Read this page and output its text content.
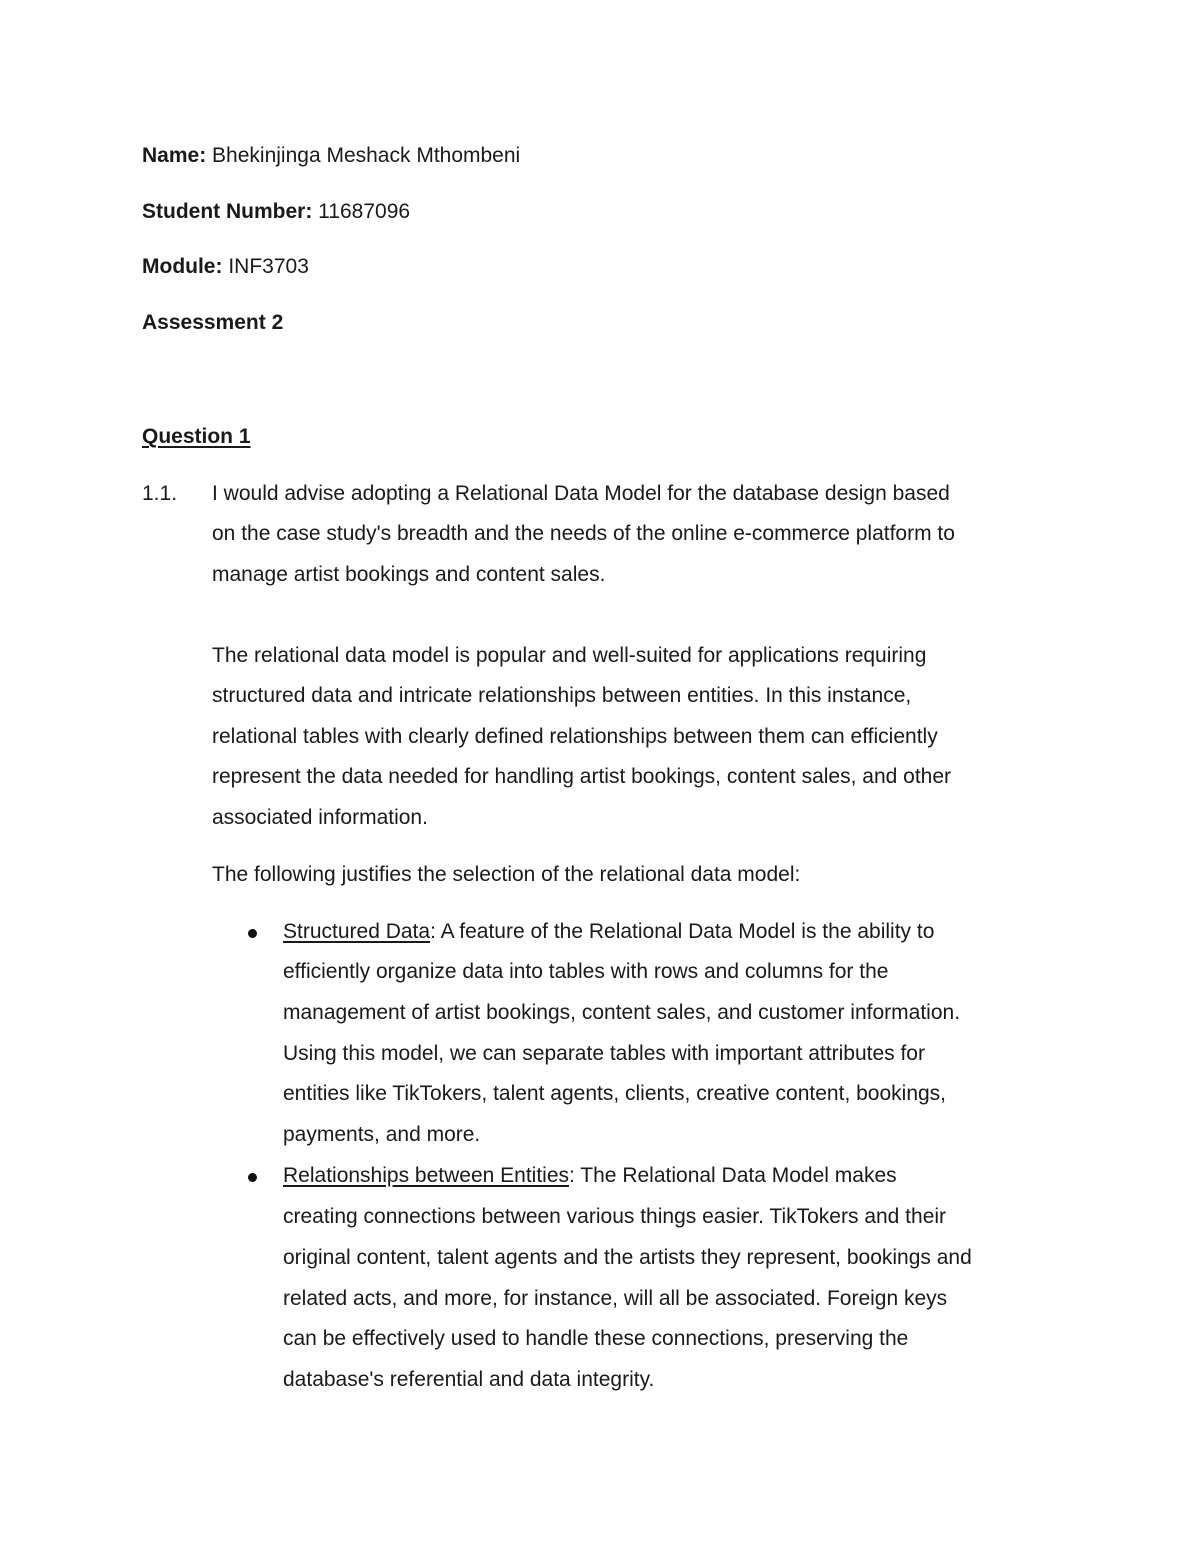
Name: Bhekinjinga Meshack Mthombeni
Student Number: 11687096
Module: INF3703
Assessment 2
Question 1
1.1. I would advise adopting a Relational Data Model for the database design based
on the case study's breadth and the needs of the online e-commerce platform to
manage artist bookings and content sales.
The relational data model is popular and well-suited for applications requiring
structured data and intricate relationships between entities. In this instance,
relational tables with clearly defined relationships between them can efficiently
represent the data needed for handling artist bookings, content sales, and other
associated information.
The following justifies the selection of the relational data model:
Structured Data: A feature of the Relational Data Model is the ability to
efficiently organize data into tables with rows and columns for the
management of artist bookings, content sales, and customer information.
Using this model, we can separate tables with important attributes for
entities like TikTokers, talent agents, clients, creative content, bookings,
payments, and more.
Relationships between Entities: The Relational Data Model makes
creating connections between various things easier. TikTokers and their
original content, talent agents and the artists they represent, bookings and
related acts, and more, for instance, will all be associated. Foreign keys
can be effectively used to handle these connections, preserving the
database's referential and data integrity.
